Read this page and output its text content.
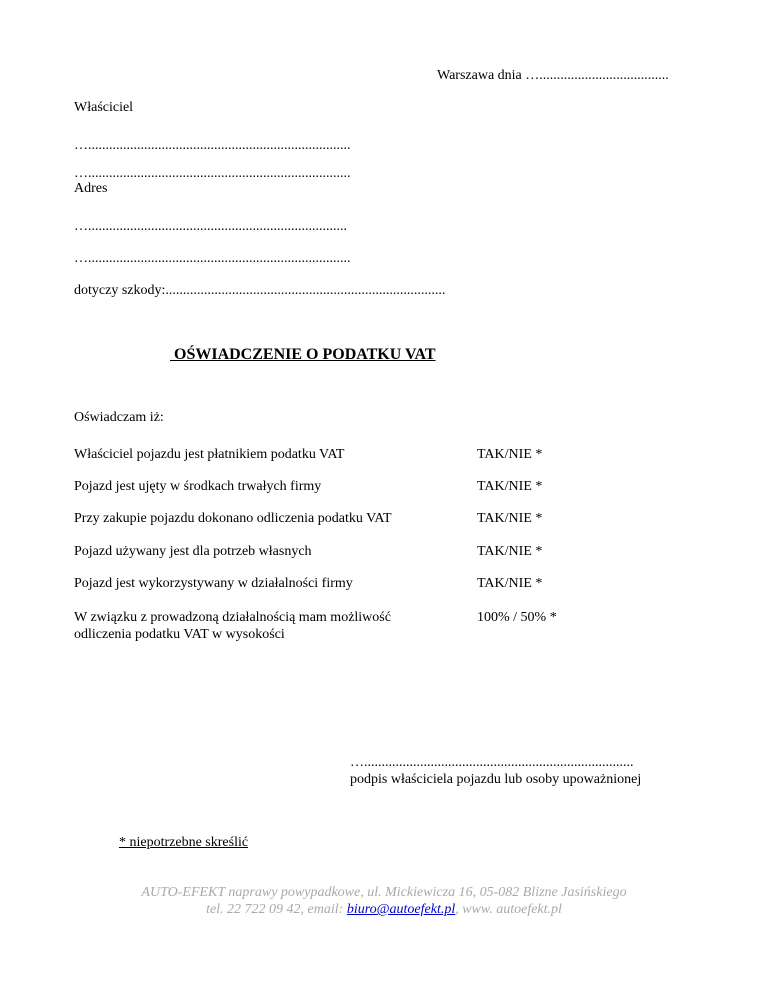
Warszawa dnia ….....................................
Właściciel
…...........................................................................
…...........................................................................
Adres
…..........................................................................
…...........................................................................
dotyczy szkody:................................................................................
OŚWIADCZENIE O PODATKU VAT
Oświadczam iż:
Właściciel pojazdu jest płatnikiem podatku VAT	TAK/NIE *
Pojazd jest ujęty w środkach trwałych firmy	TAK/NIE *
Przy zakupie pojazdu dokonano odliczenia podatku VAT	TAK/NIE *
Pojazd używany jest dla potrzeb własnych	TAK/NIE *
Pojazd jest wykorzystywany w działalności firmy	TAK/NIE *
W związku z prowadzoną działalnością mam możliwość
odliczenia podatku VAT w wysokości
100% / 50% *
….............................................................................
podpis właściciela pojazdu lub osoby upoważnionej
* niepotrzebne skreślić
AUTO-EFEKT naprawy powypadkowe, ul. Mickiewicza 16, 05-082 Blizne Jasińskiego
tel. 22 722 09 42, email: biuro@autoefekt.pl, www. autoefekt.pl
